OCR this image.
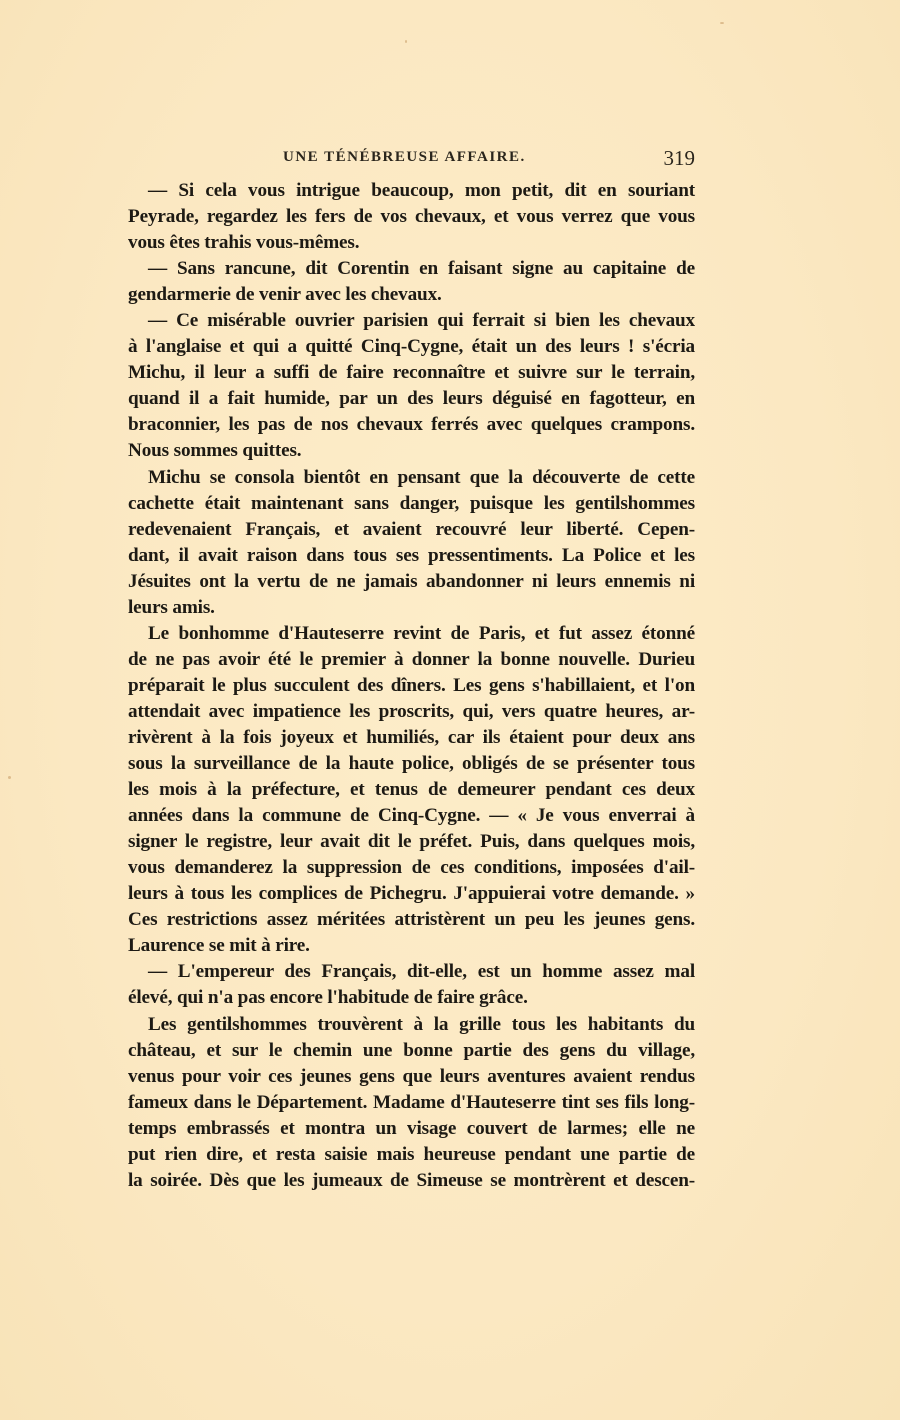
UNE TÉNÉBREUSE AFFAIRE.	319
— Si cela vous intrigue beaucoup, mon petit, dit en souriant
Peyrade, regardez les fers de vos chevaux, et vous verrez que vous
vous êtes trahis vous-mêmes.
— Sans rancune, dit Corentin en faisant signe au capitaine de
gendarmerie de venir avec les chevaux.
— Ce misérable ouvrier parisien qui ferrait si bien les chevaux
à l'anglaise et qui a quitté Cinq-Cygne, était un des leurs ! s'écria
Michu, il leur a suffi de faire reconnaître et suivre sur le terrain,
quand il a fait humide, par un des leurs déguisé en fagotteur, en
braconnier, les pas de nos chevaux ferrés avec quelques crampons.
Nous sommes quittes.
Michu se consola bientôt en pensant que la découverte de cette
cachette était maintenant sans danger, puisque les gentilshommes
redevenaient Français, et avaient recouvré leur liberté. Cepen-
dant, il avait raison dans tous ses pressentiments. La Police et les
Jésuites ont la vertu de ne jamais abandonner ni leurs ennemis ni
leurs amis.
Le bonhomme d'Hauteserre revint de Paris, et fut assez étonné
de ne pas avoir été le premier à donner la bonne nouvelle. Durieu
préparait le plus succulent des dîners. Les gens s'habillaient, et l'on
attendait avec impatience les proscrits, qui, vers quatre heures, ar-
rivèrent à la fois joyeux et humiliés, car ils étaient pour deux ans
sous la surveillance de la haute police, obligés de se présenter tous
les mois à la préfecture, et tenus de demeurer pendant ces deux
années dans la commune de Cinq-Cygne. — « Je vous enverrai à
signer le registre, leur avait dit le préfet. Puis, dans quelques mois,
vous demanderez la suppression de ces conditions, imposées d'ail-
leurs à tous les complices de Pichegru. J'appuierai votre demande. »
Ces restrictions assez méritées attristèrent un peu les jeunes gens.
Laurence se mit à rire.
— L'empereur des Français, dit-elle, est un homme assez mal
élevé, qui n'a pas encore l'habitude de faire grâce.
Les gentilshommes trouvèrent à la grille tous les habitants du
château, et sur le chemin une bonne partie des gens du village,
venus pour voir ces jeunes gens que leurs aventures avaient rendus
fameux dans le Département. Madame d'Hauteserre tint ses fils long-
temps embrassés et montra un visage couvert de larmes; elle ne
put rien dire, et resta saisie mais heureuse pendant une partie de
la soirée. Dès que les jumeaux de Simeuse se montrèrent et descen-
